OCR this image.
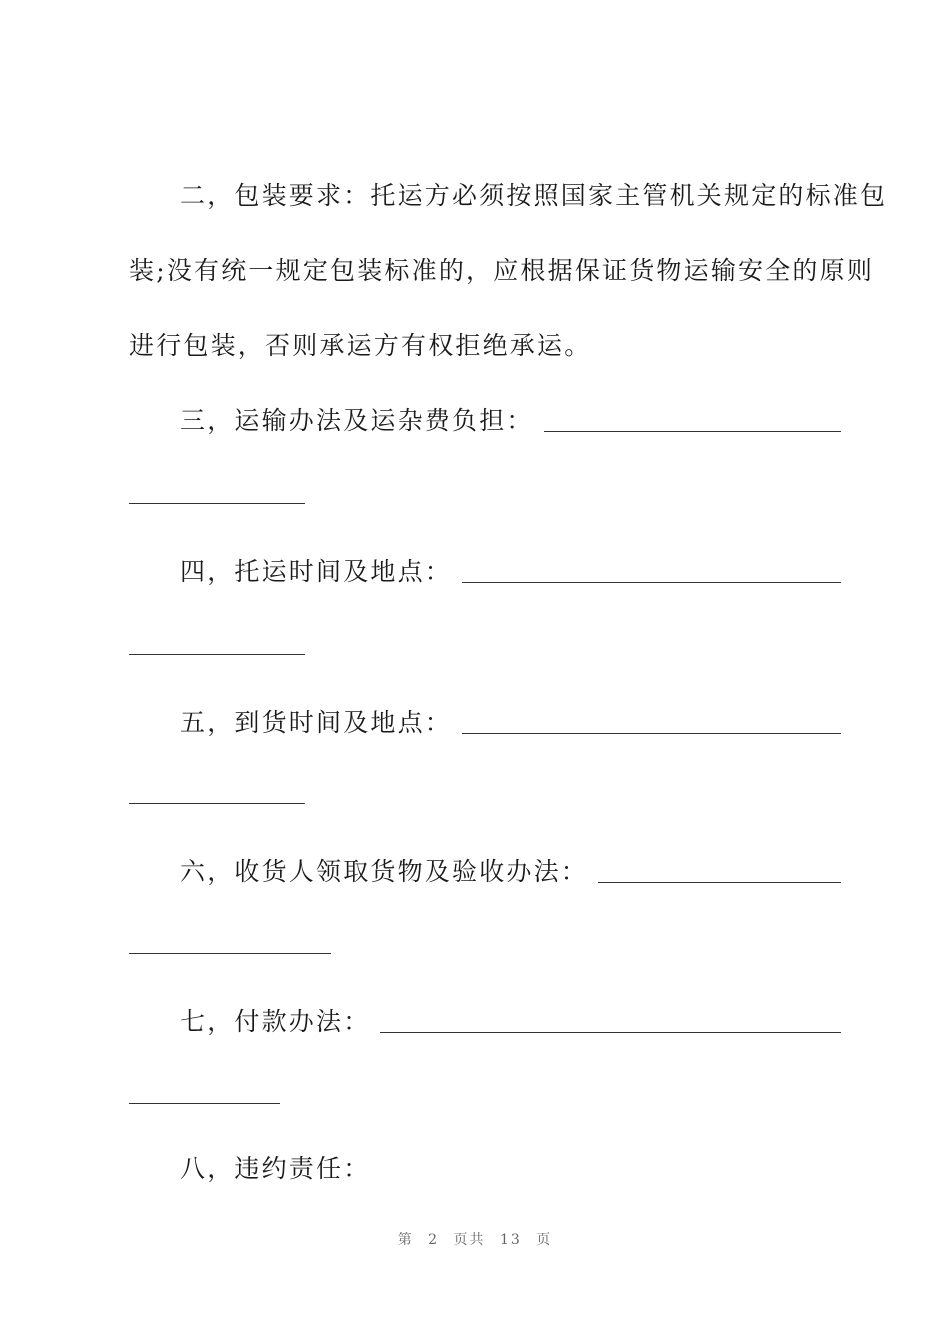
二，包装要求：托运方必须按照国家主管机关规定的标准包
装;没有统一规定包装标准的，应根据保证货物运输安全的原则
进行包装，否则承运方有权拒绝承运。
三，运输办法及运杂费负担：
四，托运时间及地点：
五，到货时间及地点：
六，收货人领取货物及验收办法：
七，付款办法：
八，违约责任：
第 2 页共 13 页
